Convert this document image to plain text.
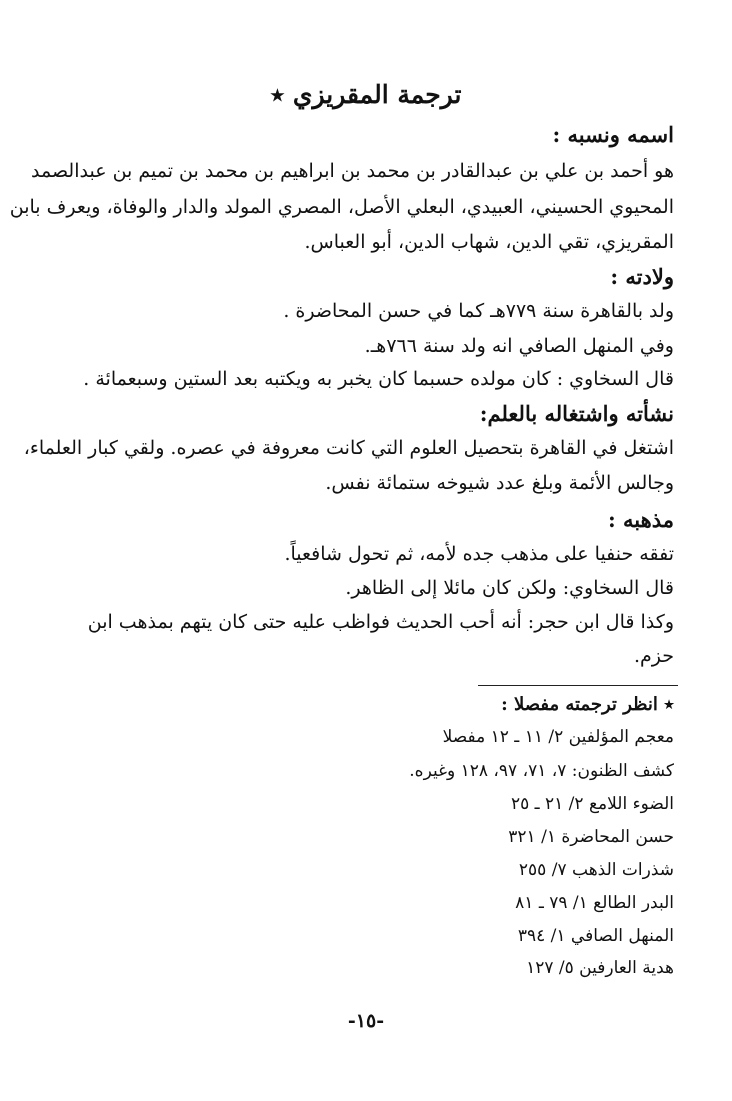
ترجمة المقريزي ٭
اسمه ونسبه :
هو أحمد بن علي بن عبدالقادر بن محمد بن ابراهيم بن محمد بن تميم بن عبدالصمد
المحيوي الحسيني، العبيدي، البعلي الأصل، المصري المولد والدار والوفاة، ويعرف بابن
المقريزي، تقي الدين، شهاب الدين، أبو العباس.
ولادته :
ولد بالقاهرة سنة ٧٧٩هـ كما في حسن المحاضرة .
وفي المنهل الصافي انه ولد سنة ٧٦٦هـ.
قال السخاوي : كان مولده حسبما كان يخبر به ويكتبه بعد الستين وسبعمائة .
نشأته واشتغاله بالعلم:
اشتغل في القاهرة بتحصيل العلوم التي كانت معروفة في عصره. ولقي كبار العلماء،
وجالس الأئمة وبلغ عدد شيوخه ستمائة نفس.
مذهبه :
تفقه حنفيا على مذهب جده لأمه، ثم تحول شافعياً.
قال السخاوي: ولكن كان مائلا إلى الظاهر.
وكذا قال ابن حجر: أنه أحب الحديث فواظب عليه حتى كان يتهم بمذهب ابن
حزم.
٭ انظر ترجمته مفصلا :
معجم المؤلفين ٢/ ١١ ـ ١٢ مفصلا
كشف الظنون: ٧، ٧١، ٩٧، ١٢٨ وغيره.
الضوء اللامع ٢/ ٢١ ـ ٢٥
حسن المحاضرة ١/ ٣٢١
شذرات الذهب ٧/ ٢٥٥
البدر الطالع ١/ ٧٩ ـ ٨١
المنهل الصافي ١/ ٣٩٤
هدية العارفين ٥/ ١٢٧
-١٥-
